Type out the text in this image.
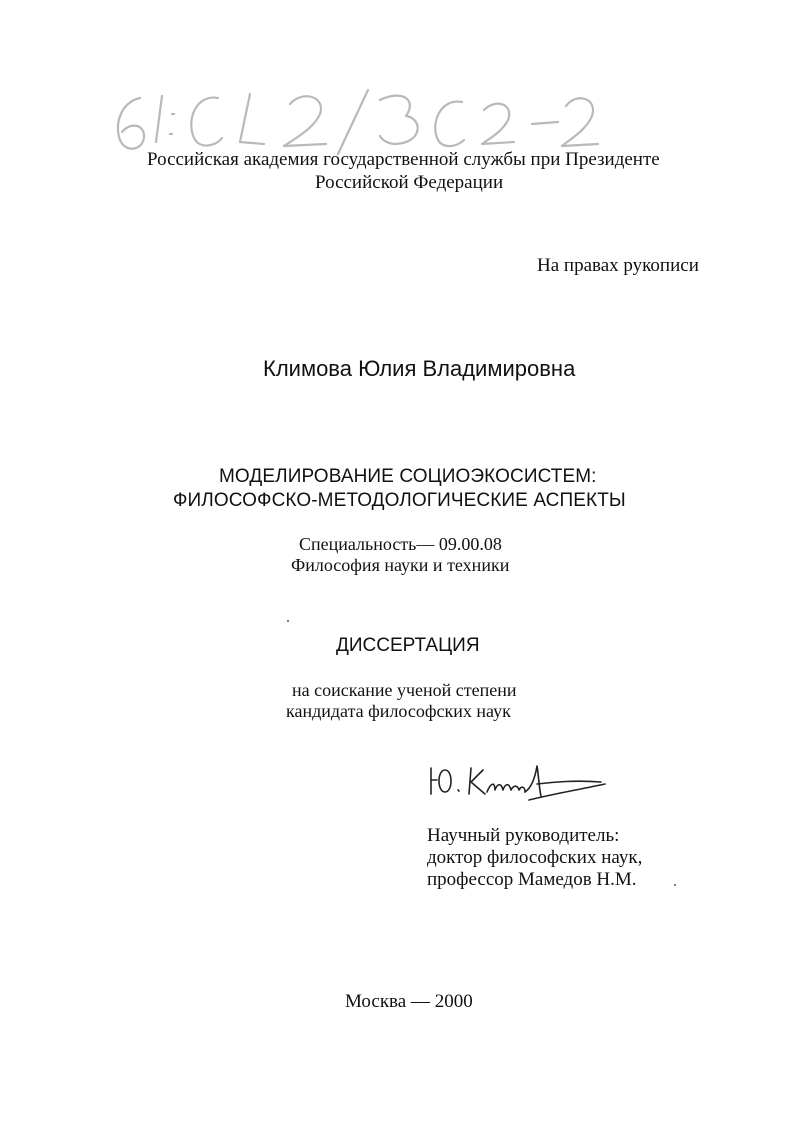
Российская академия государственной службы при Президенте
Российской Федерации
На правах рукописи
Климова Юлия Владимировна
МОДЕЛИРОВАНИЕ СОЦИОЭКОСИСТЕМ:
ФИЛОСОФСКО-МЕТОДОЛОГИЧЕСКИЕ АСПЕКТЫ
Специальность— 09.00.08
Философия науки и техники
ДИССЕРТАЦИЯ
на соискание ученой степени
кандидата философских наук
Научный руководитель:
доктор философских наук,
профессор Мамедов Н.М.
Москва — 2000
